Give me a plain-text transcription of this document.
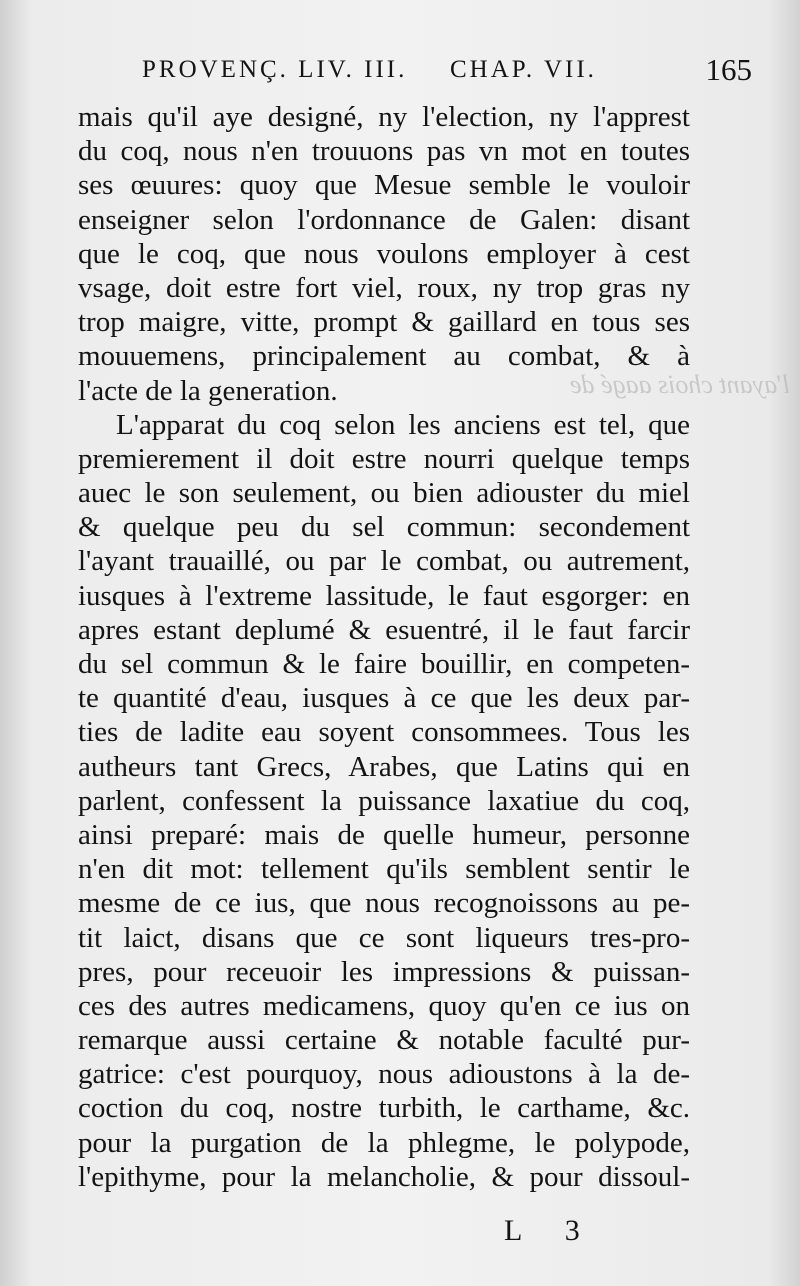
l'ayant chois aagé de
PROVENÇ. LIV. III. CHAP. VII.	165
mais qu'il aye designé, ny l'election, ny l'apprest
du coq, nous n'en trouuons pas vn mot en toutes
ses œuures: quoy que Mesue semble le vouloir
enseigner selon l'ordonnance de Galen: disant
que le coq, que nous voulons employer à cest
vsage, doit estre fort viel, roux, ny trop gras ny
trop maigre, vitte, prompt & gaillard en tous ses
mouuemens, principalement au combat, & à
l'acte de la generation.
L'apparat du coq selon les anciens est tel, que
premierement il doit estre nourri quelque temps
auec le son seulement, ou bien adiouster du miel
& quelque peu du sel commun: secondement
l'ayant trauaillé, ou par le combat, ou autrement,
iusques à l'extreme lassitude, le faut esgorger: en
apres estant deplumé & esuentré, il le faut farcir
du sel commun & le faire bouillir, en competen-
te quantité d'eau, iusques à ce que les deux par-
ties de ladite eau soyent consommees. Tous les
autheurs tant Grecs, Arabes, que Latins qui en
parlent, confessent la puissance laxatiue du coq,
ainsi preparé: mais de quelle humeur, personne
n'en dit mot: tellement qu'ils semblent sentir le
mesme de ce ius, que nous recognoissons au pe-
tit laict, disans que ce sont liqueurs tres-pro-
pres, pour receuoir les impressions & puissan-
ces des autres medicamens, quoy qu'en ce ius on
remarque aussi certaine & notable faculté pur-
gatrice: c'est pourquoy, nous adioustons à la de-
coction du coq, nostre turbith, le carthame, &c.
pour la purgation de la phlegme, le polypode,
l'epithyme, pour la melancholie, & pour dissoul-
L 3
